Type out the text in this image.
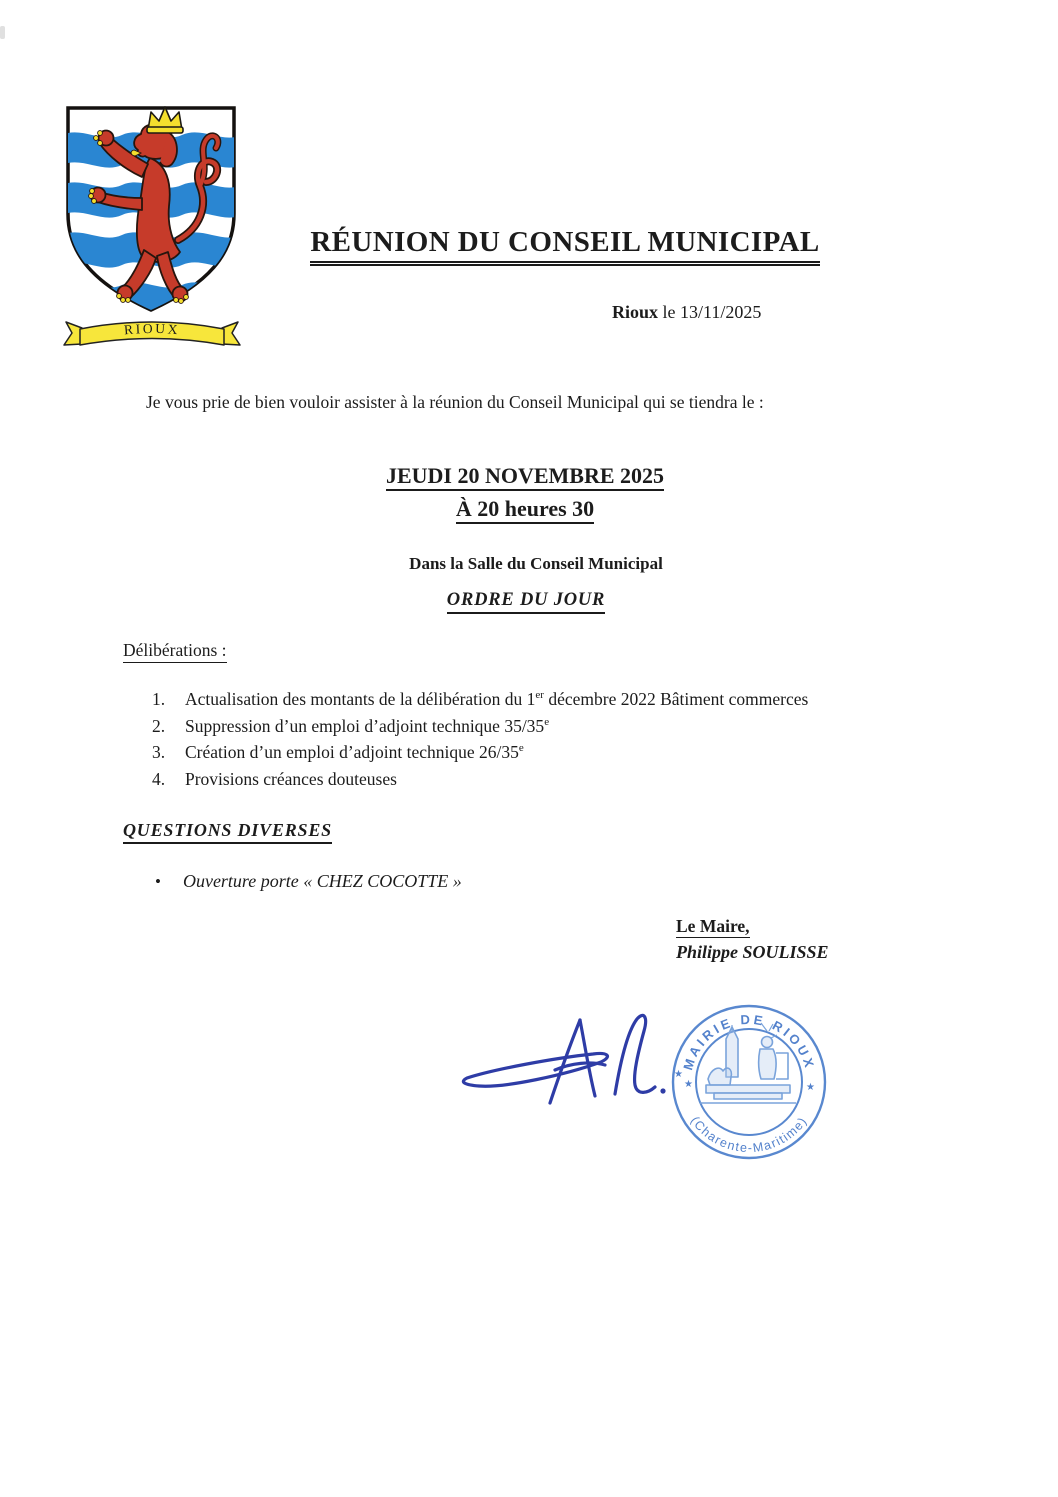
RIOUX
RÉUNION DU CONSEIL MUNICIPAL
Rioux le 13/11/2025
Je vous prie de bien vouloir assister à la réunion du Conseil Municipal qui se tiendra le :
JEUDI 20 NOVEMBRE 2025
À 20 heures 30
Dans la Salle du Conseil Municipal
ORDRE DU JOUR
Délibérations :
1.	Actualisation des montants de la délibération du 1er décembre 2022 Bâtiment commerces
2.	Suppression d’un emploi d’adjoint technique 35/35e
3.	Création d’un emploi d’adjoint technique 26/35e
4.	Provisions créances douteuses
QUESTIONS DIVERSES
• Ouverture porte « CHEZ COCOTTE »
Le Maire,
Philippe SOULISSE
MAIRIE DE RIOUX
(Charente-Maritime)
★
★	★
